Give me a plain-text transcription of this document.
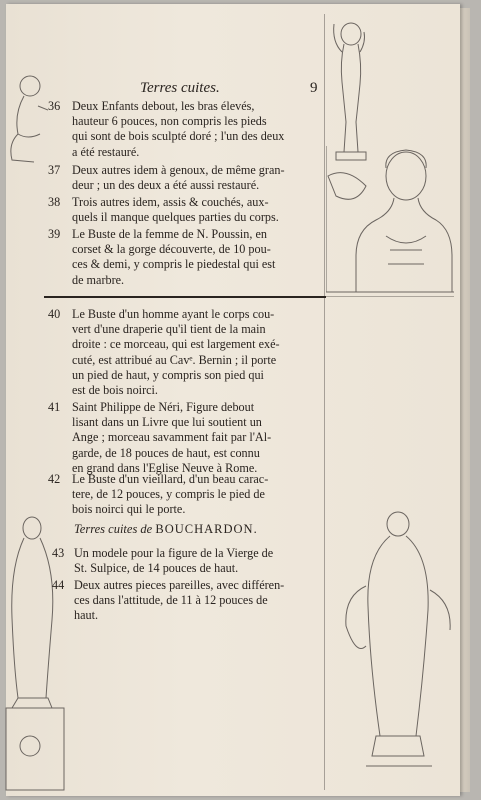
Terres cuites.	9
36 Deux Enfants debout, les bras élevés,
hauteur 6 pouces, non compris les pieds
qui sont de bois sculpté doré ; l'un des deux
a été restauré.
37 Deux autres idem à genoux, de même gran-
deur ; un des deux a été aussi restauré.
38 Trois autres idem, assis & couchés, aux-
quels il manque quelques parties du corps.
39 Le Buste de la femme de N. Poussin, en
corset & la gorge découverte, de 10 pou-
ces & demi, y compris le piedestal qui est
de marbre.
40 Le Buste d'un homme ayant le corps cou-
vert d'une draperie qu'il tient de la main
droite : ce morceau, qui est largement exé-
cuté, est attribué au Cavᵉ. Bernin ; il porte
un pied de haut, y compris son pied qui
est de bois noirci.
41 Saint Philippe de Néri, Figure debout
lisant dans un Livre que lui soutient un
Ange ; morceau savamment fait par l'Al-
garde, de 18 pouces de haut, est connu
en grand dans l'Eglise Neuve à Rome.
42 Le Buste d'un vieillard, d'un beau carac-
tere, de 12 pouces, y compris le pied de
bois noirci qui le porte.
Terres cuites de BOUCHARDON.
43 Un modele pour la figure de la Vierge de
St. Sulpice, de 14 pouces de haut.
44 Deux autres pieces pareilles, avec différen-
ces dans l'attitude, de 11 à 12 pouces de
haut.
